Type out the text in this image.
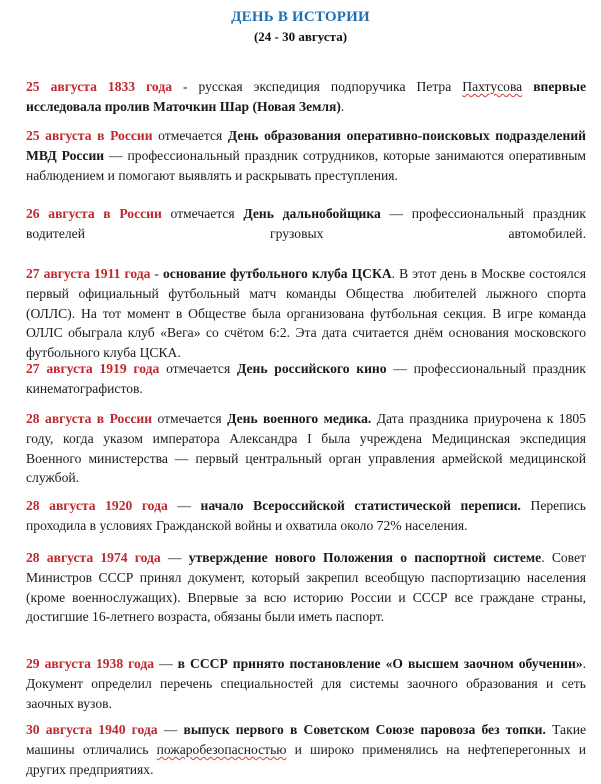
ДЕНЬ В ИСТОРИИ
(24 - 30 августа)
25 августа 1833 года - русская экспедиция подпоручика Петра Пахтусова впервые исследовала пролив Маточкин Шар (Новая Земля).
25 августа в России отмечается День образования оперативно-поисковых подразделений МВД России — профессиональный праздник сотрудников, которые занимаются оперативным наблюдением и помогают выявлять и раскрывать преступления.
26 августа в России отмечается День дальнобойщика — профессиональный праздник водителей грузовых автомобилей.
27 августа 1911 года - основание футбольного клуба ЦСКА. В этот день в Москве состоялся первый официальный футбольный матч команды Общества любителей лыжного спорта (ОЛЛС). На тот момент в Обществе была организована футбольная секция. В игре команда ОЛЛС обыграла клуб «Вега» со счётом 6:2. Эта дата считается днём основания московского футбольного клуба ЦСКА.
27 августа 1919 года отмечается День российского кино — профессиональный праздник кинематографистов.
28 августа в России отмечается День военного медика. Дата праздника приурочена к 1805 году, когда указом императора Александра I была учреждена Медицинская экспедиция Военного министерства — первый центральный орган управления армейской медицинской службой.
28 августа 1920 года — начало Всероссийской статистической переписи. Перепись проходила в условиях Гражданской войны и охватила около 72% населения.
28 августа 1974 года — утверждение нового Положения о паспортной системе. Совет Министров СССР принял документ, который закрепил всеобщую паспортизацию населения (кроме военнослужащих). Впервые за всю историю России и СССР все граждане страны, достигшие 16-летнего возраста, обязаны были иметь паспорт.
29 августа 1938 года — в СССР принято постановление «О высшем заочном обучении». Документ определил перечень специальностей для системы заочного образования и сеть заочных вузов.
30 августа 1940 года — выпуск первого в Советском Союзе паровоза без топки. Такие машины отличались пожаробезопасностью и широко применялись на нефтеперегонных и других предприятиях.
